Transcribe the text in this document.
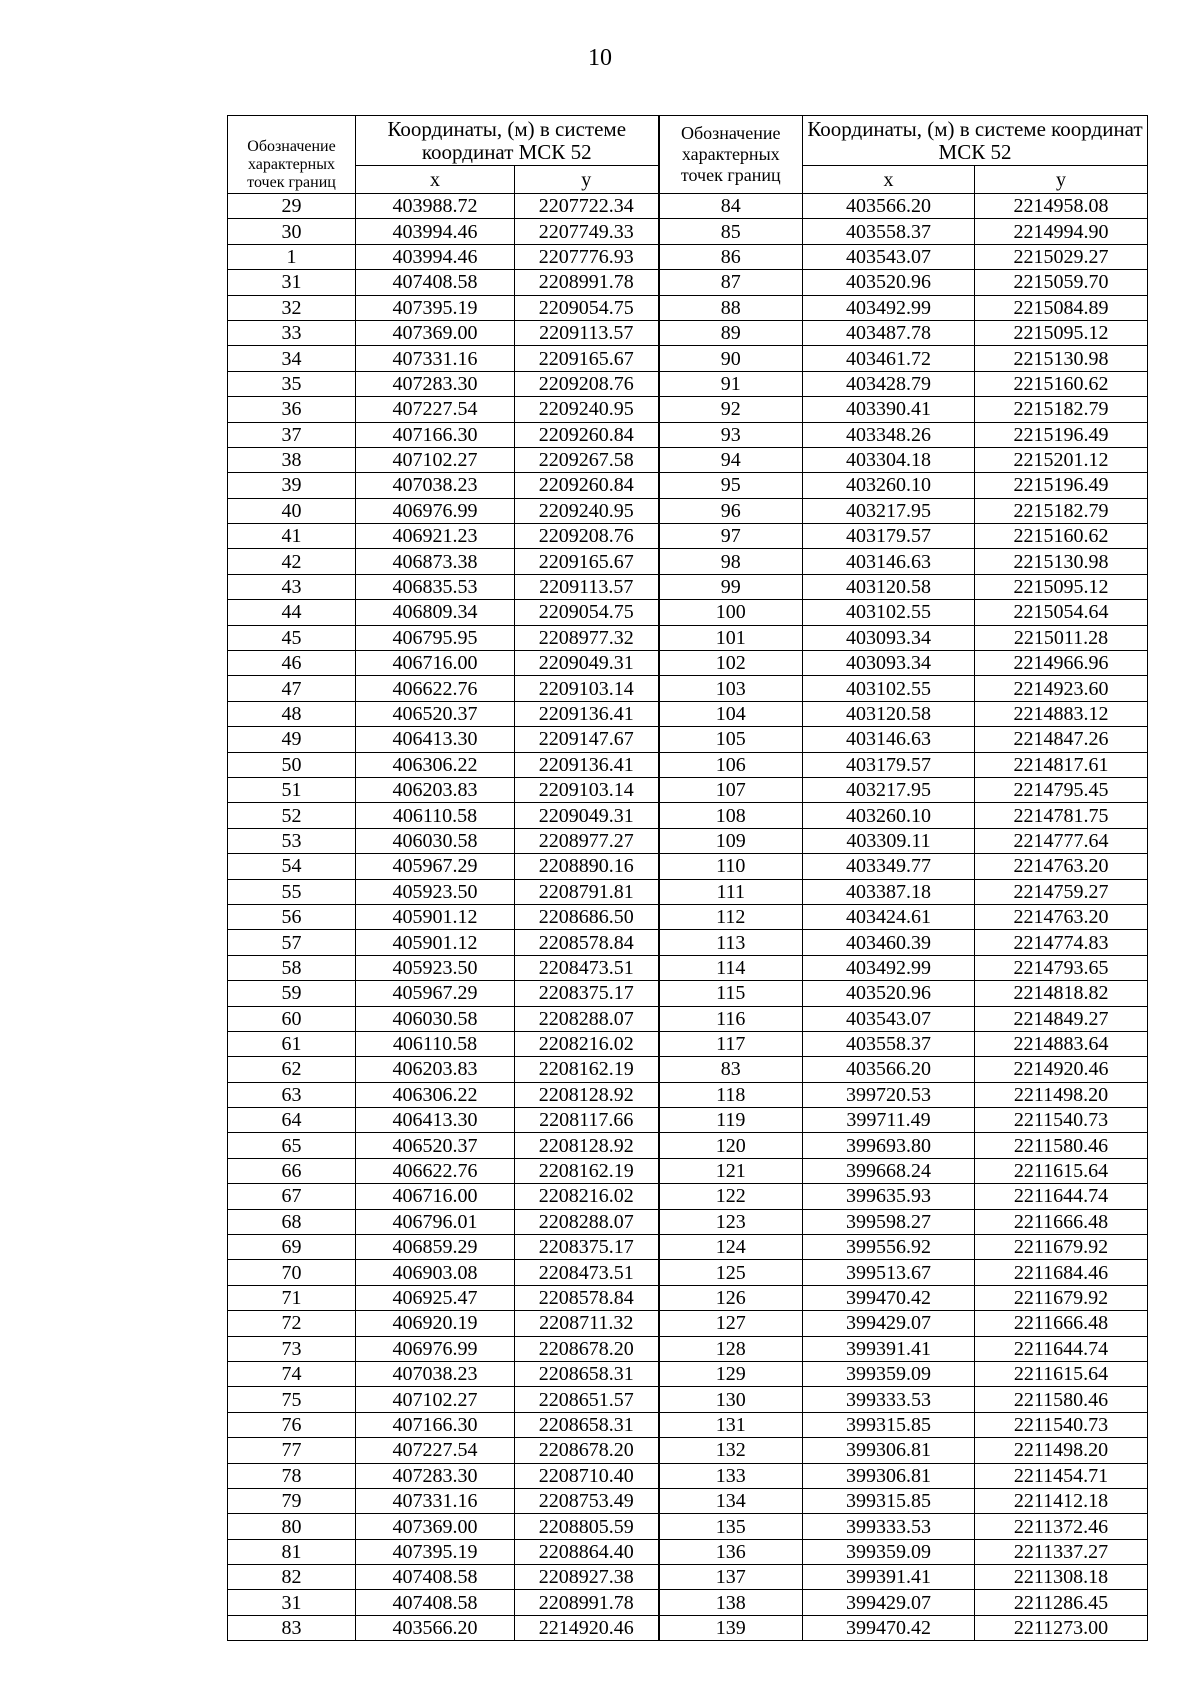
10
Обозначение характерных точек границ	Координаты, (м) в системе координат МСК 52		Обозначение характерных точек границ	Координаты, (м) в системе координат МСК 52	
	x	y		x	y
29	403988.72	2207722.34	84	403566.20	2214958.08
30	403994.46	2207749.33	85	403558.37	2214994.90
1	403994.46	2207776.93	86	403543.07	2215029.27
31	407408.58	2208991.78	87	403520.96	2215059.70
32	407395.19	2209054.75	88	403492.99	2215084.89
33	407369.00	2209113.57	89	403487.78	2215095.12
34	407331.16	2209165.67	90	403461.72	2215130.98
35	407283.30	2209208.76	91	403428.79	2215160.62
36	407227.54	2209240.95	92	403390.41	2215182.79
37	407166.30	2209260.84	93	403348.26	2215196.49
38	407102.27	2209267.58	94	403304.18	2215201.12
39	407038.23	2209260.84	95	403260.10	2215196.49
40	406976.99	2209240.95	96	403217.95	2215182.79
41	406921.23	2209208.76	97	403179.57	2215160.62
42	406873.38	2209165.67	98	403146.63	2215130.98
43	406835.53	2209113.57	99	403120.58	2215095.12
44	406809.34	2209054.75	100	403102.55	2215054.64
45	406795.95	2208977.32	101	403093.34	2215011.28
46	406716.00	2209049.31	102	403093.34	2214966.96
47	406622.76	2209103.14	103	403102.55	2214923.60
48	406520.37	2209136.41	104	403120.58	2214883.12
49	406413.30	2209147.67	105	403146.63	2214847.26
50	406306.22	2209136.41	106	403179.57	2214817.61
51	406203.83	2209103.14	107	403217.95	2214795.45
52	406110.58	2209049.31	108	403260.10	2214781.75
53	406030.58	2208977.27	109	403309.11	2214777.64
54	405967.29	2208890.16	110	403349.77	2214763.20
55	405923.50	2208791.81	111	403387.18	2214759.27
56	405901.12	2208686.50	112	403424.61	2214763.20
57	405901.12	2208578.84	113	403460.39	2214774.83
58	405923.50	2208473.51	114	403492.99	2214793.65
59	405967.29	2208375.17	115	403520.96	2214818.82
60	406030.58	2208288.07	116	403543.07	2214849.27
61	406110.58	2208216.02	117	403558.37	2214883.64
62	406203.83	2208162.19	83	403566.20	2214920.46
63	406306.22	2208128.92	118	399720.53	2211498.20
64	406413.30	2208117.66	119	399711.49	2211540.73
65	406520.37	2208128.92	120	399693.80	2211580.46
66	406622.76	2208162.19	121	399668.24	2211615.64
67	406716.00	2208216.02	122	399635.93	2211644.74
68	406796.01	2208288.07	123	399598.27	2211666.48
69	406859.29	2208375.17	124	399556.92	2211679.92
70	406903.08	2208473.51	125	399513.67	2211684.46
71	406925.47	2208578.84	126	399470.42	2211679.92
72	406920.19	2208711.32	127	399429.07	2211666.48
73	406976.99	2208678.20	128	399391.41	2211644.74
74	407038.23	2208658.31	129	399359.09	2211615.64
75	407102.27	2208651.57	130	399333.53	2211580.46
76	407166.30	2208658.31	131	399315.85	2211540.73
77	407227.54	2208678.20	132	399306.81	2211498.20
78	407283.30	2208710.40	133	399306.81	2211454.71
79	407331.16	2208753.49	134	399315.85	2211412.18
80	407369.00	2208805.59	135	399333.53	2211372.46
81	407395.19	2208864.40	136	399359.09	2211337.27
82	407408.58	2208927.38	137	399391.41	2211308.18
31	407408.58	2208991.78	138	399429.07	2211286.45
83	403566.20	2214920.46	139	399470.42	2211273.00
